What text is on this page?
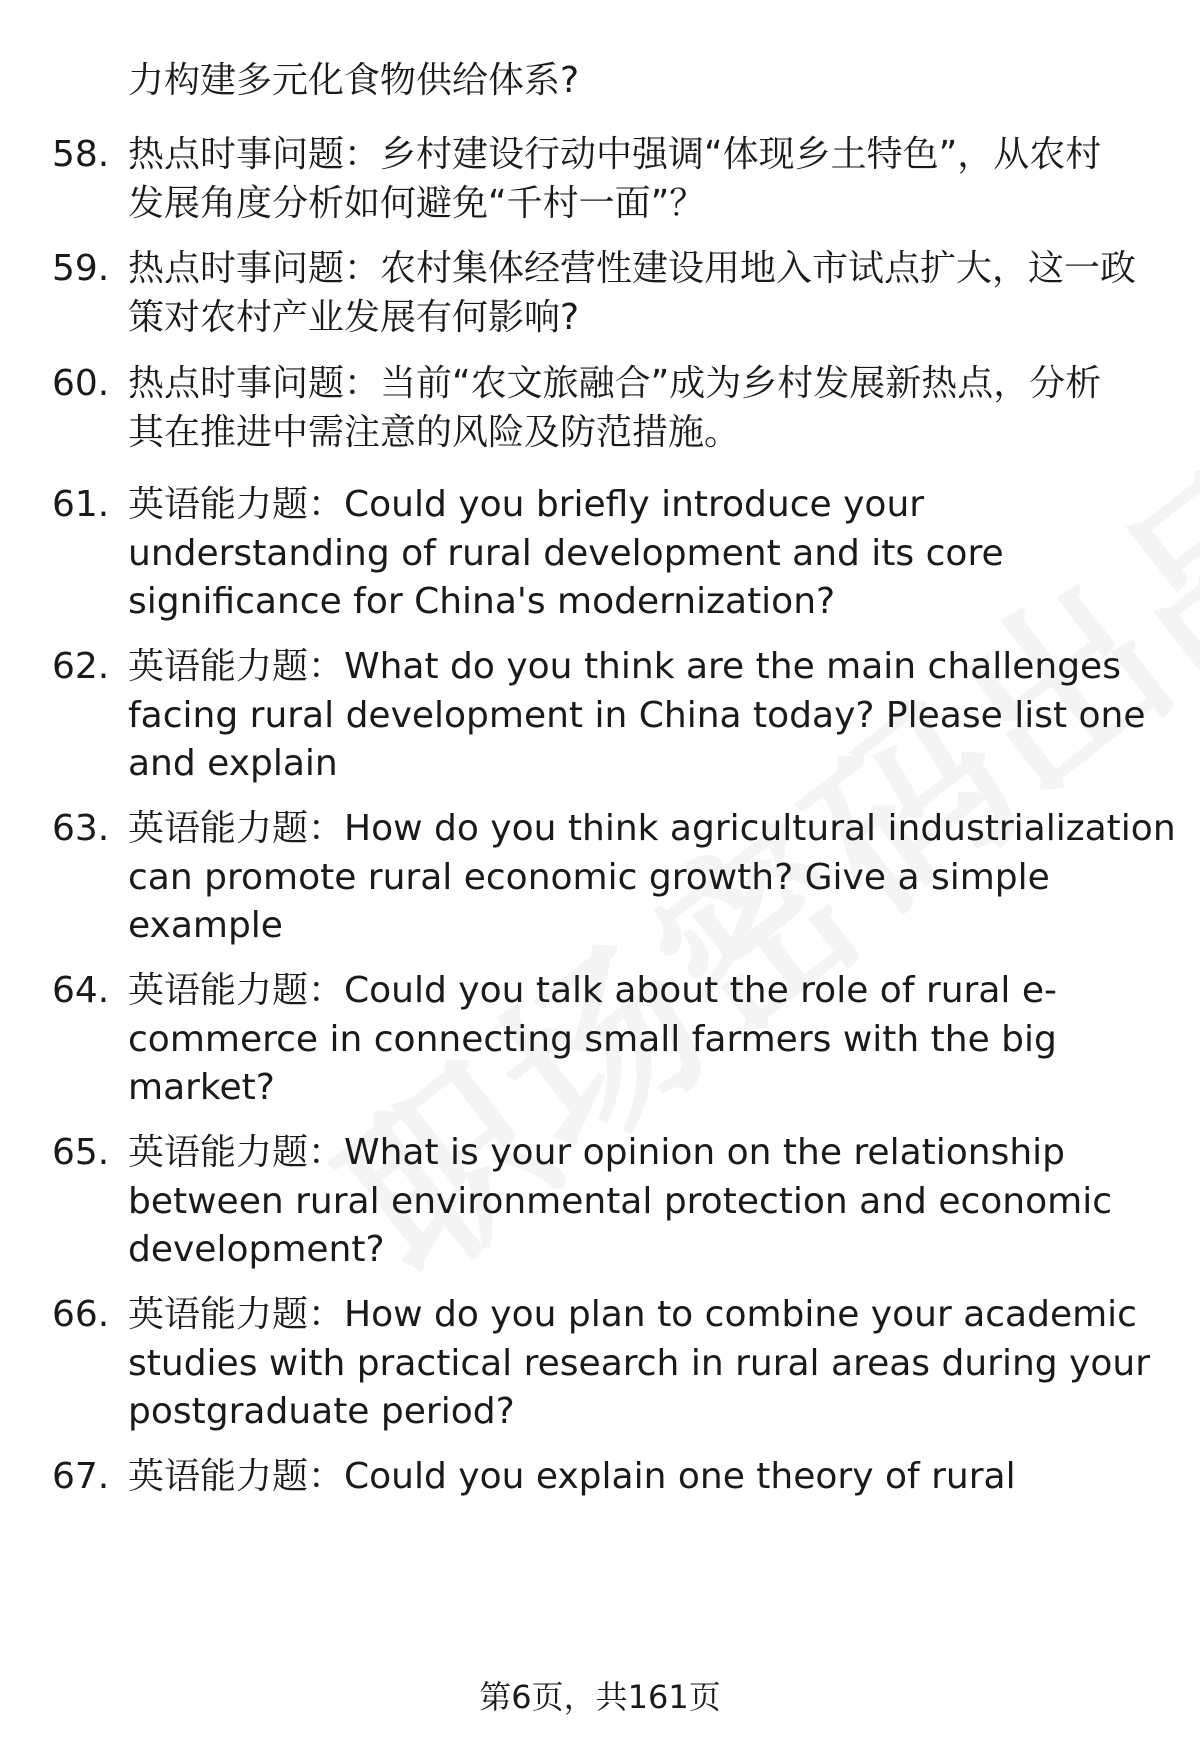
力构建多元化食物供给体系?
58. 热点时事问题：乡村建设行动中强调“体现乡土特色”，从农村
发展角度分析如何避免“千村一面”？
59. 热点时事问题：农村集体经营性建设用地入市试点扩大，这一政
策对农村产业发展有何影响?
60. 热点时事问题：当前“农文旅融合”成为乡村发展新热点，分析
其在推进中需注意的风险及防范措施。
61. 英语能力题：Could you briefly introduce your
understanding of rural development and its core
significance for China's modernization?
62. 英语能力题：What do you think are the main challenges
facing rural development in China today? Please list one
and explain
63. 英语能力题：How do you think agricultural industrialization
can promote rural economic growth? Give a simple
example
64. 英语能力题：Could you talk about the role of rural e-
commerce in connecting small farmers with the big
market?
65. 英语能力题：What is your opinion on the relationship
between rural environmental protection and economic
development?
66. 英语能力题：How do you plan to combine your academic
studies with practical research in rural areas during your
postgraduate period?
67. 英语能力题：Could you explain one theory of rural
第6页，共161页
